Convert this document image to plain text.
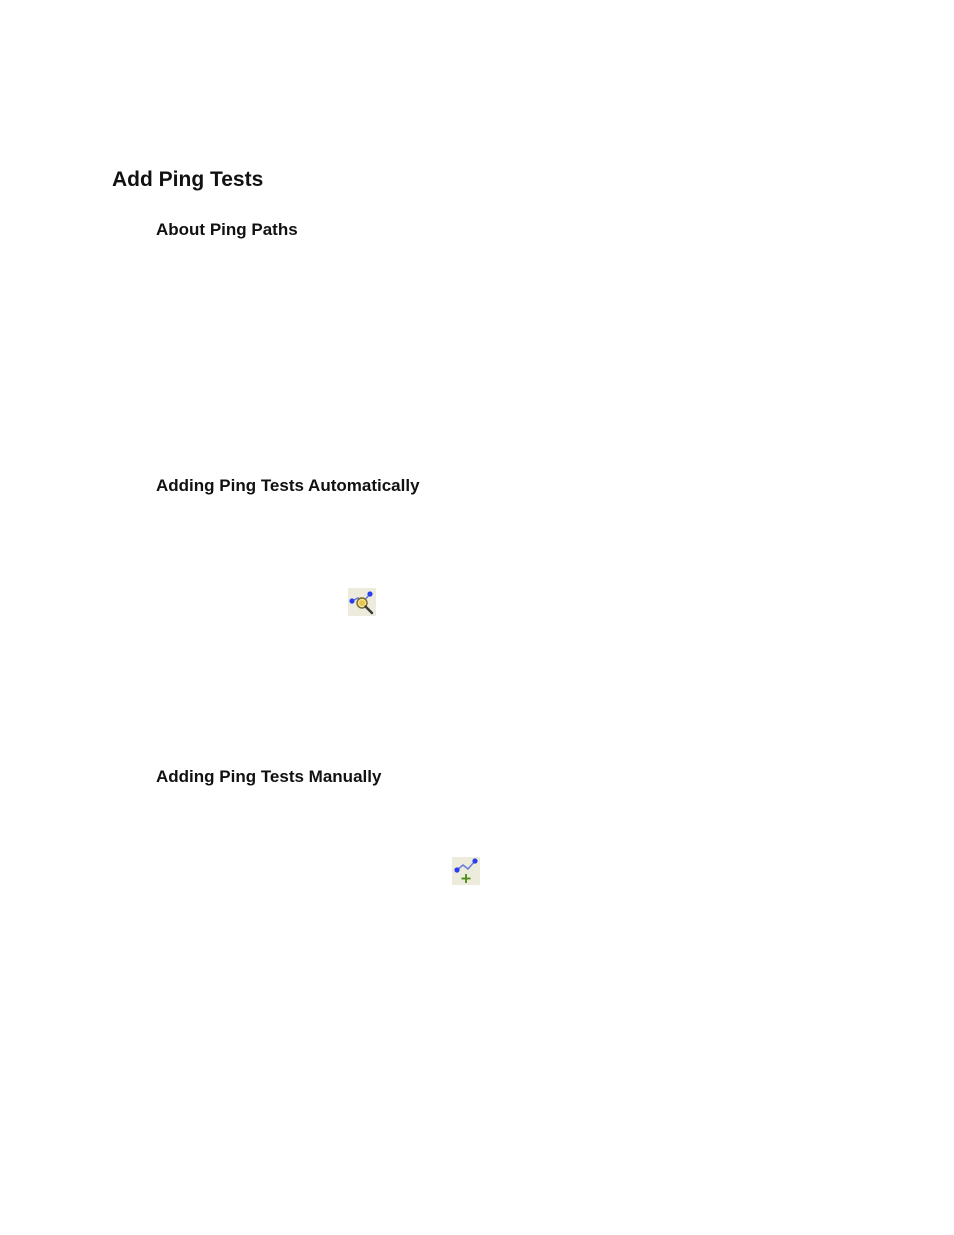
Add Ping Tests
About Ping Paths
Adding Ping Tests Automatically
Adding Ping Tests Manually
